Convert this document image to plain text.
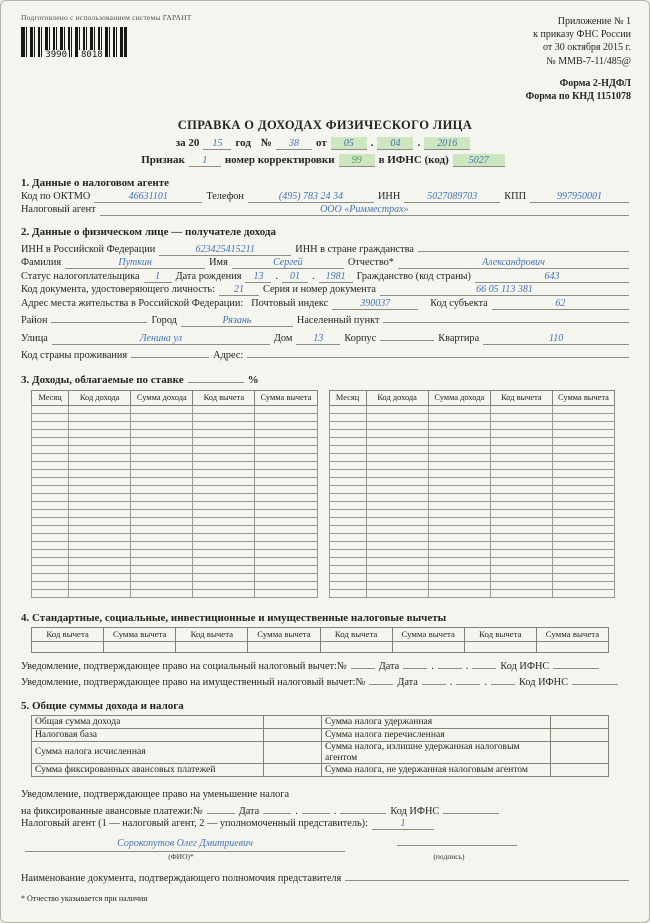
Подготовлено с использованием системы ГАРАНТ
3990 8018
Приложение № 1
к приказу ФНС России
от 30 октября 2015 г.
№ ММВ-7-11/485@
Форма 2-НДФЛ
Форма по КНД 1151078
СПРАВКА О ДОХОДАХ ФИЗИЧЕСКОГО ЛИЦА
за 20	15	год №	38	от	05	.	04	.	2016
Признак	1	номер корректировки	99	в ИФНС (код)	5027
1. Данные о налоговом агенте
Код по ОКТМО	46631101	Телефон	(495) 783 24 34	ИНН	5027089703	КПП	997950001
Налоговый агент	ООО «Римместрах»
2. Данные о физическом лице — получателе дохода
ИНН в Российской Федерации	623425415211	ИНН в стране гражданства
Фамилия	Путкин	Имя	Сергей	Отчество*	Александрович
Статус налогоплательщика	1	Дата рождения	13	.	01	.	1981	Гражданство (код страны)	643
Код документа, удостоверяющего личность:	21	Серия и номер документа	66 05 113 381
Адрес места жительства в Российской Федерации: Почтовый индекс	390037	Код субъекта	62
Район	Город	Рязань	Населенный пункт
Улица	Ленина ул	Дом	13	Корпус	Квартира	110
Код страны проживания	Адрес:
3. Доходы, облагаемые по ставке	%
Месяц	Код дохода	Сумма дохода	Код вычета	Сумма вычета

					Месяц	Код дохода	Сумма дохода	Код вычета	Сумма вычета

4. Стандартные, социальные, инвестиционные и имущественные налоговые вычеты
Код вычета	Сумма вычета	Код вычета	Сумма вычета	Код вычета	Сумма вычета	Код вычета	Сумма вычета

Уведомление, подтверждающее право на социальный налоговый вычет: №	Дата	.	.	Код ИФНС
Уведомление, подтверждающее право на имущественный налоговый вычет: №	Дата	.	.	Код ИФНС
5. Общие суммы дохода и налога
Общая сумма дохода		Сумма налога удержанная	
Налоговая база		Сумма налога перечисленная	
Сумма налога исчисленная		Сумма налога, излишне удержанная налоговым агентом	
Сумма фиксированных авансовых платежей		Сумма налога, не удержанная налоговым агентом	
Уведомление, подтверждающее право на уменьшение налога
на фиксированные авансовые платежи: №	Дата	.	.	Код ИФНС
Налоговый агент (1 — налоговый агент, 2 — уполномоченный представитель):	1
Сорокопутов Олег Дмитриевич
(ФИО)*	(подпись)
Наименование документа, подтверждающего полномочия представителя
* Отчество указывается при наличии
